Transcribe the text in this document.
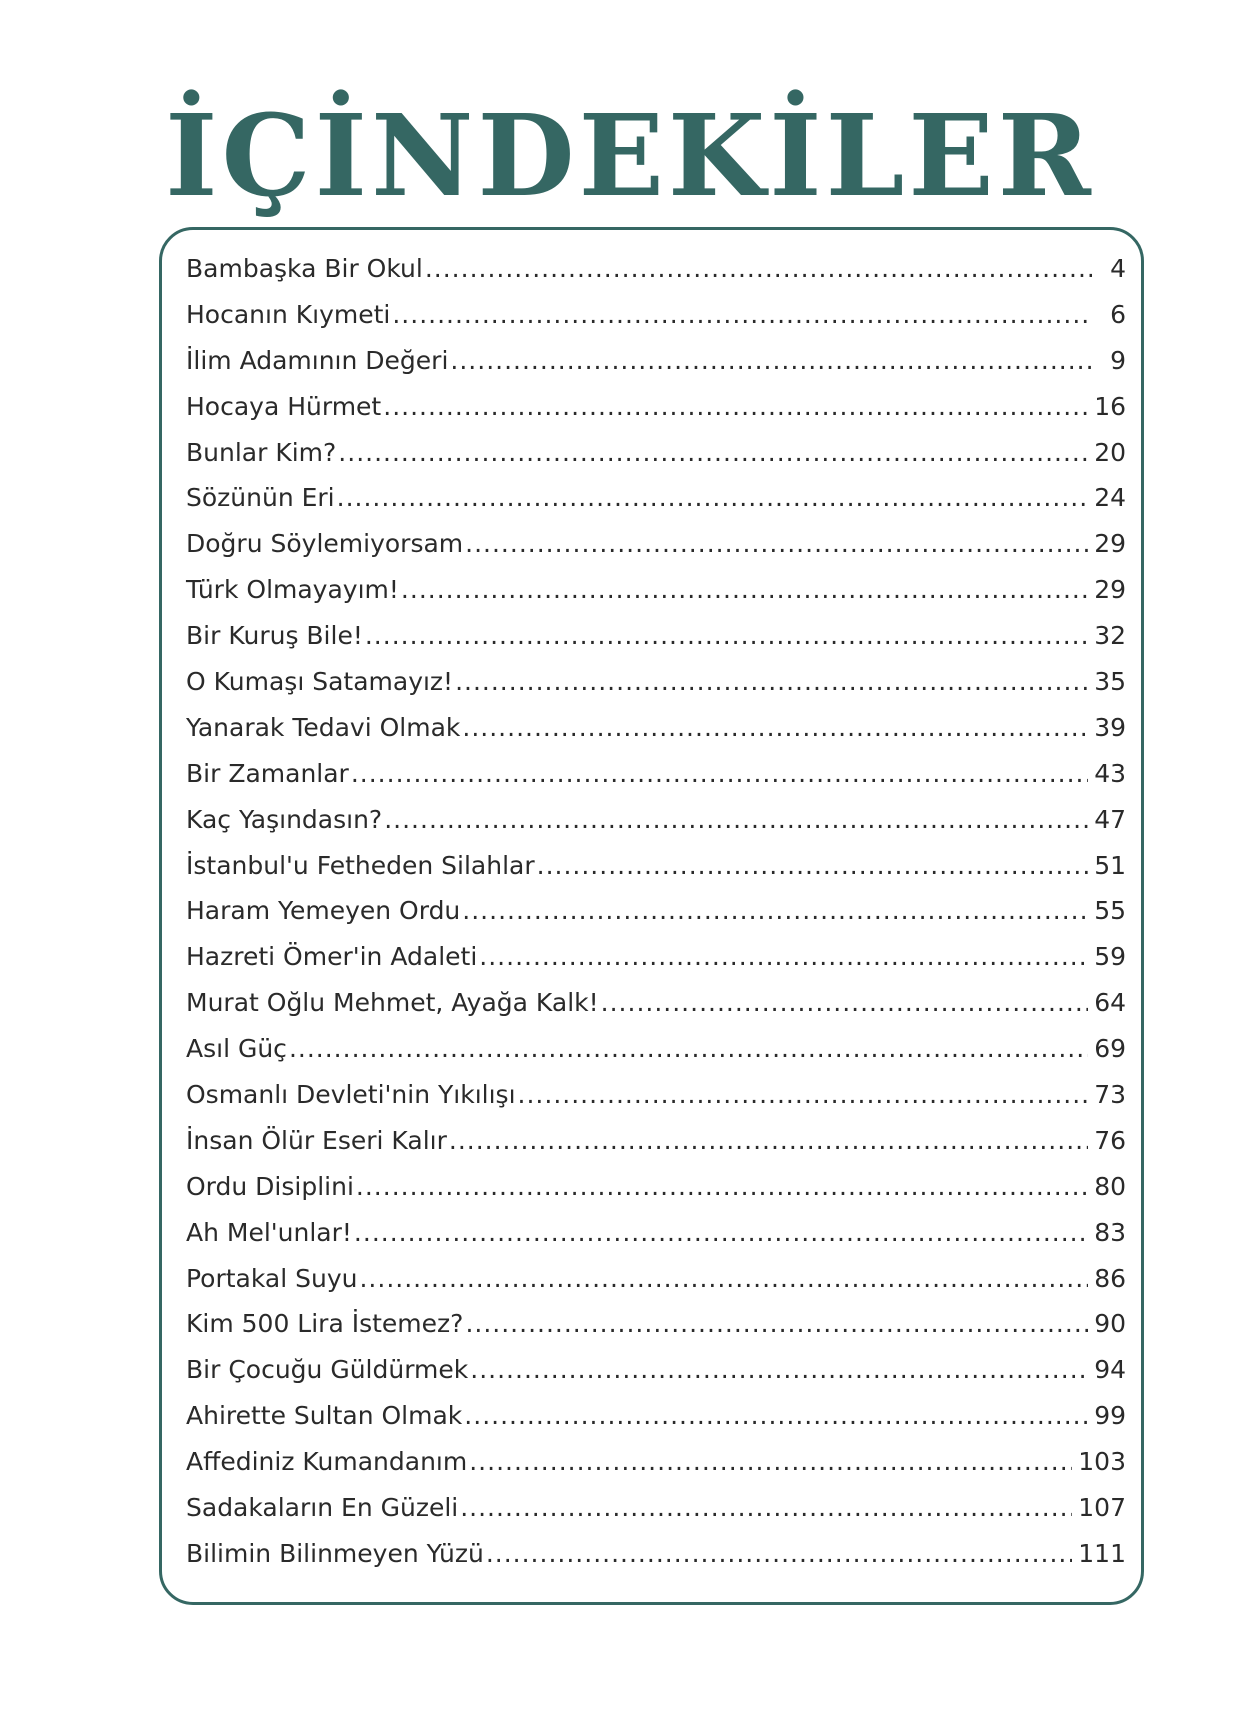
İÇİNDEKİLER
Bambaşka Bir Okul .....	4
Hocanın Kıymeti .....	6
İlim Adamının Değeri .....	9
Hocaya Hürmet .....	16
Bunlar Kim? .....	20
Sözünün Eri .....	24
Doğru Söylemiyorsam .....	29
Türk Olmayayım! .....	29
Bir Kuruş Bile! .....	32
O Kumaşı Satamayız! .....	35
Yanarak Tedavi Olmak .....	39
Bir Zamanlar .....	43
Kaç Yaşındasın? .....	47
İstanbul'u Fetheden Silahlar .....	51
Haram Yemeyen Ordu .....	55
Hazreti Ömer'in Adaleti .....	59
Murat Oğlu Mehmet, Ayağa Kalk! .....	64
Asıl Güç .....	69
Osmanlı Devleti'nin Yıkılışı .....	73
İnsan Ölür Eseri Kalır .....	76
Ordu Disiplini .....	80
Ah Mel'unlar! .....	83
Portakal Suyu .....	86
Kim 500 Lira İstemez? .....	90
Bir Çocuğu Güldürmek .....	94
Ahirette Sultan Olmak .....	99
Affediniz Kumandanım .....	103
Sadakaların En Güzeli .....	107
Bilimin Bilinmeyen Yüzü .....	111
